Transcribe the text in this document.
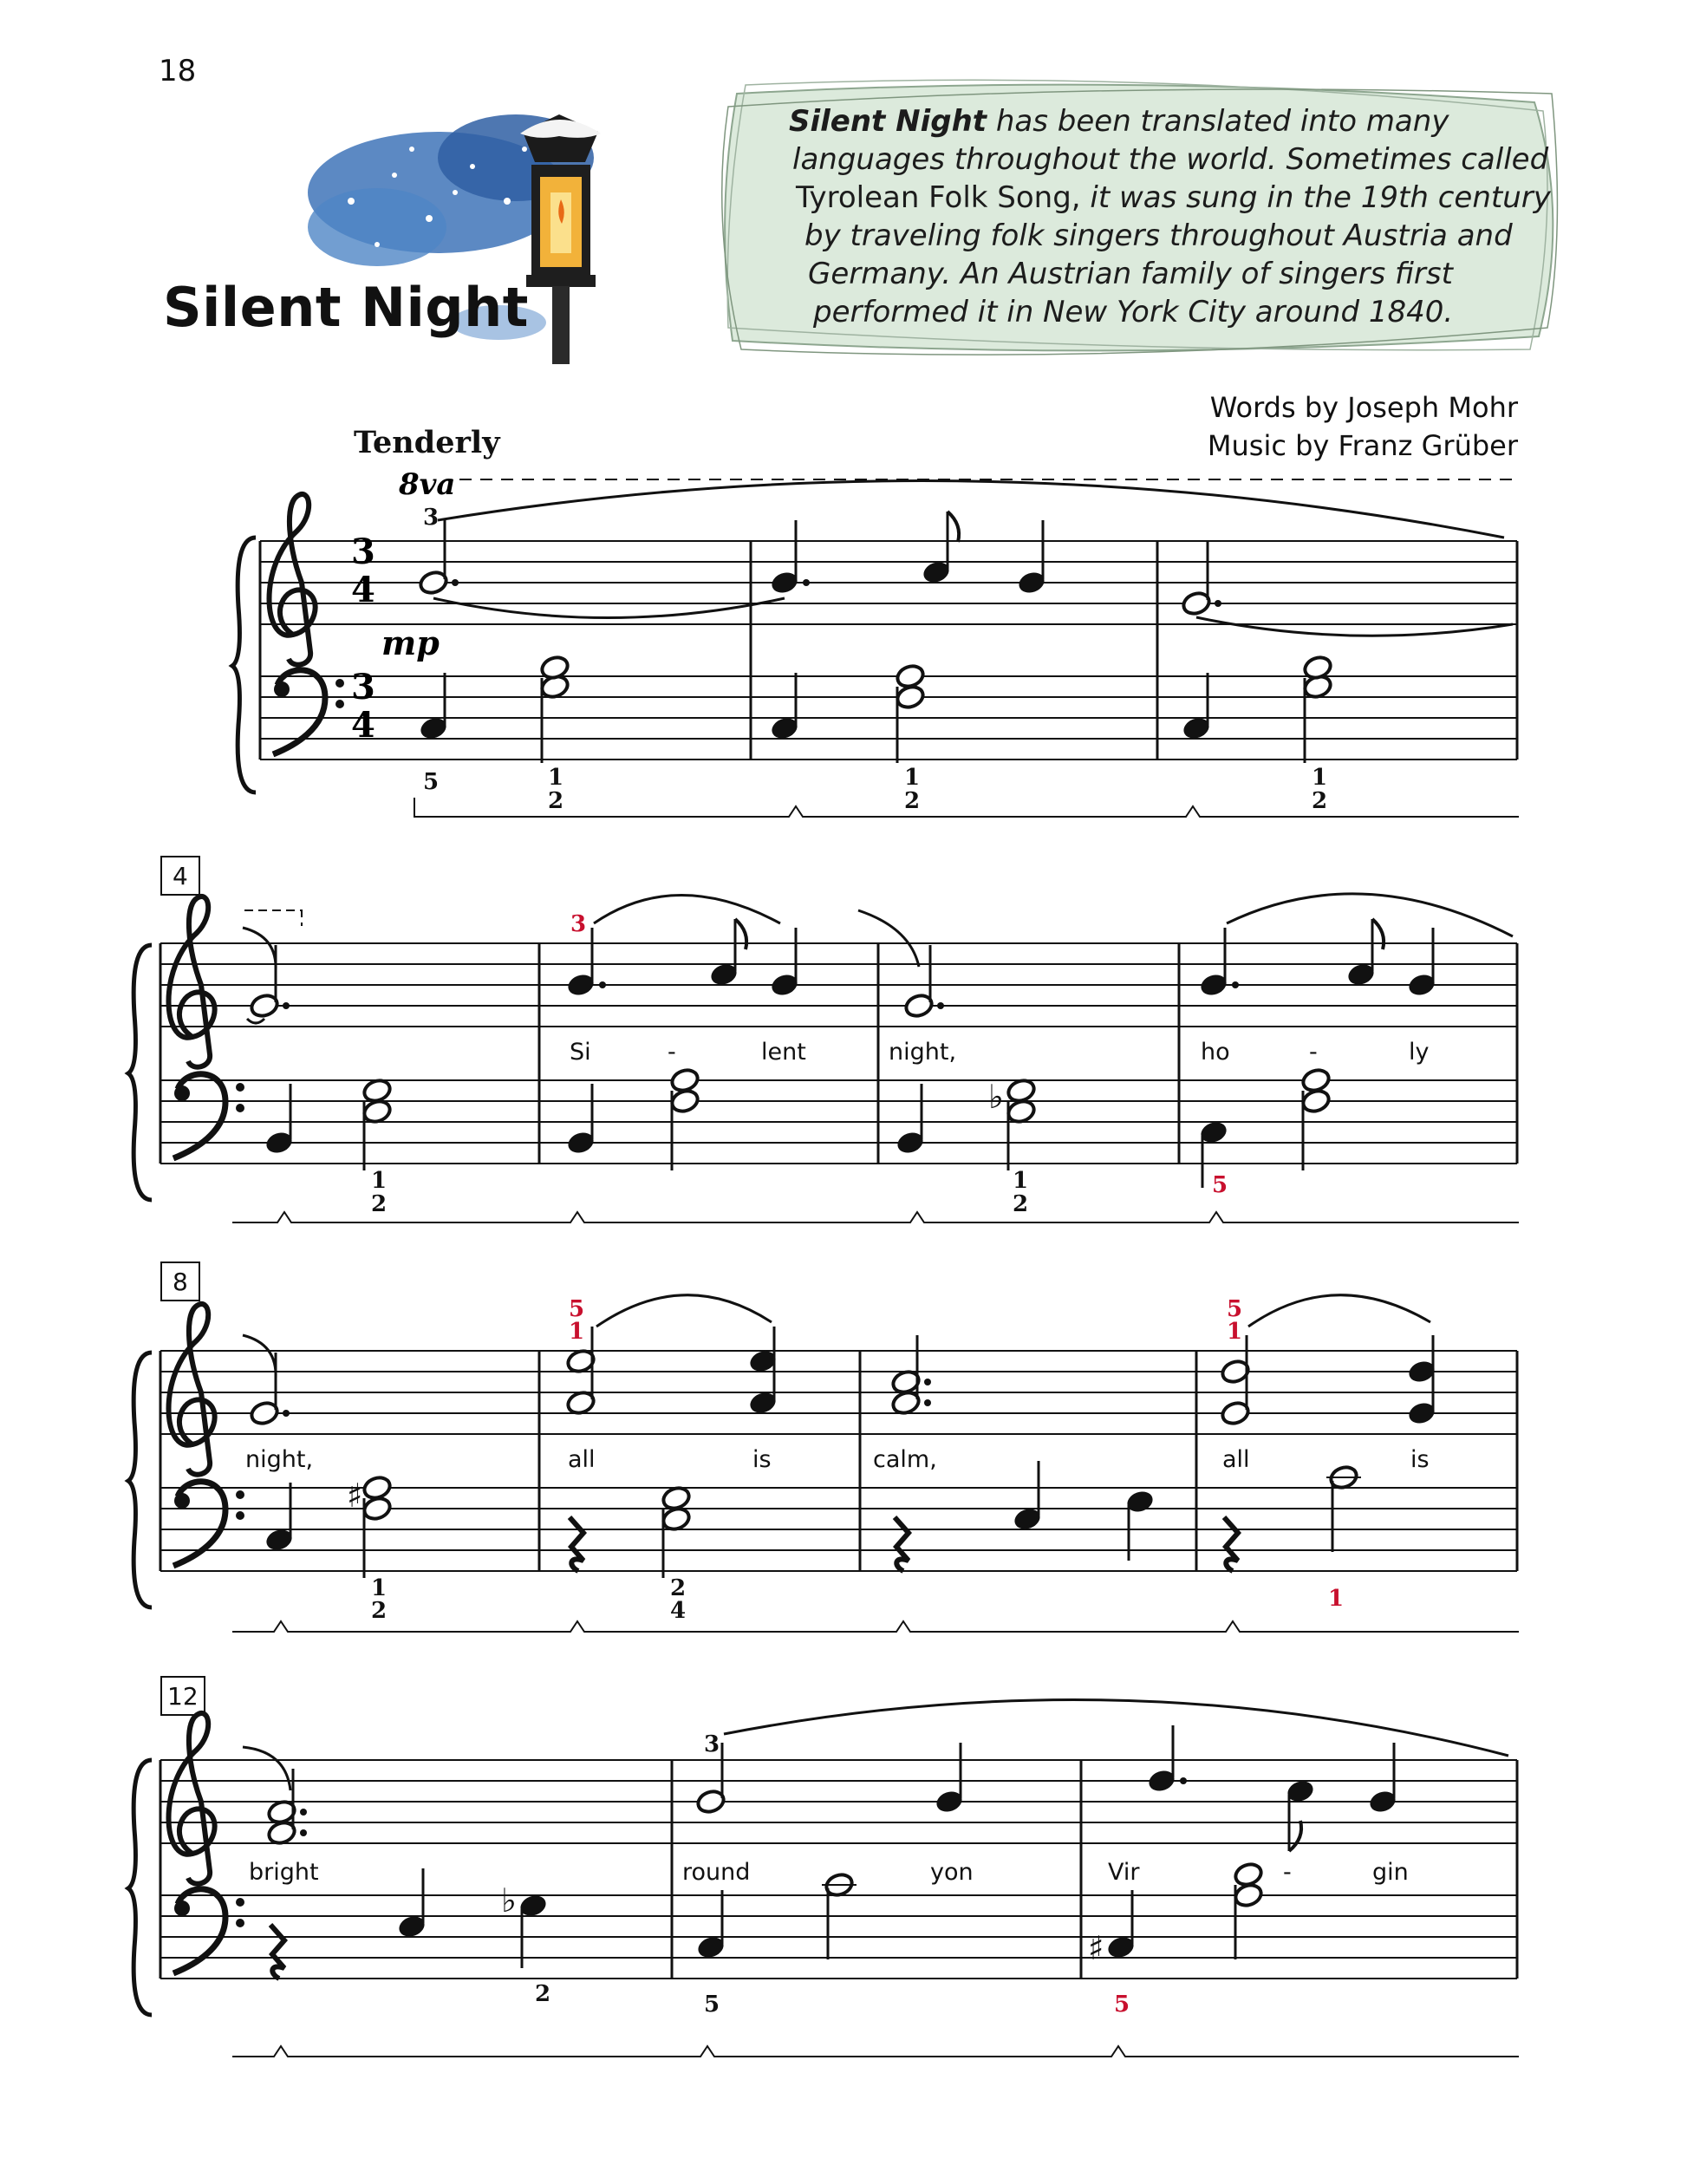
18
Silent Night
Silent Night has been translated into many
languages throughout the world. Sometimes called
Tyrolean Folk Song, it was sung in the 19th century
by traveling folk singers throughout Austria and
Germany. An Austrian family of singers first
performed it in New York City around 1840.
Words by Joseph Mohr
Music by Franz Grüber
Tenderly
8va
3
4
3
4
mp
3
5	1
2
1
2
1
2
4
♭
Si	-	lent	night,	ho	-	ly
3
1
2
1
2
5
8
♯
night,	all	is	calm,	all	is
5
1
5
1
1
2
2
4	1
12
♭
♯
bright	round	yon	Vir	-	gin
3
2	5	5
